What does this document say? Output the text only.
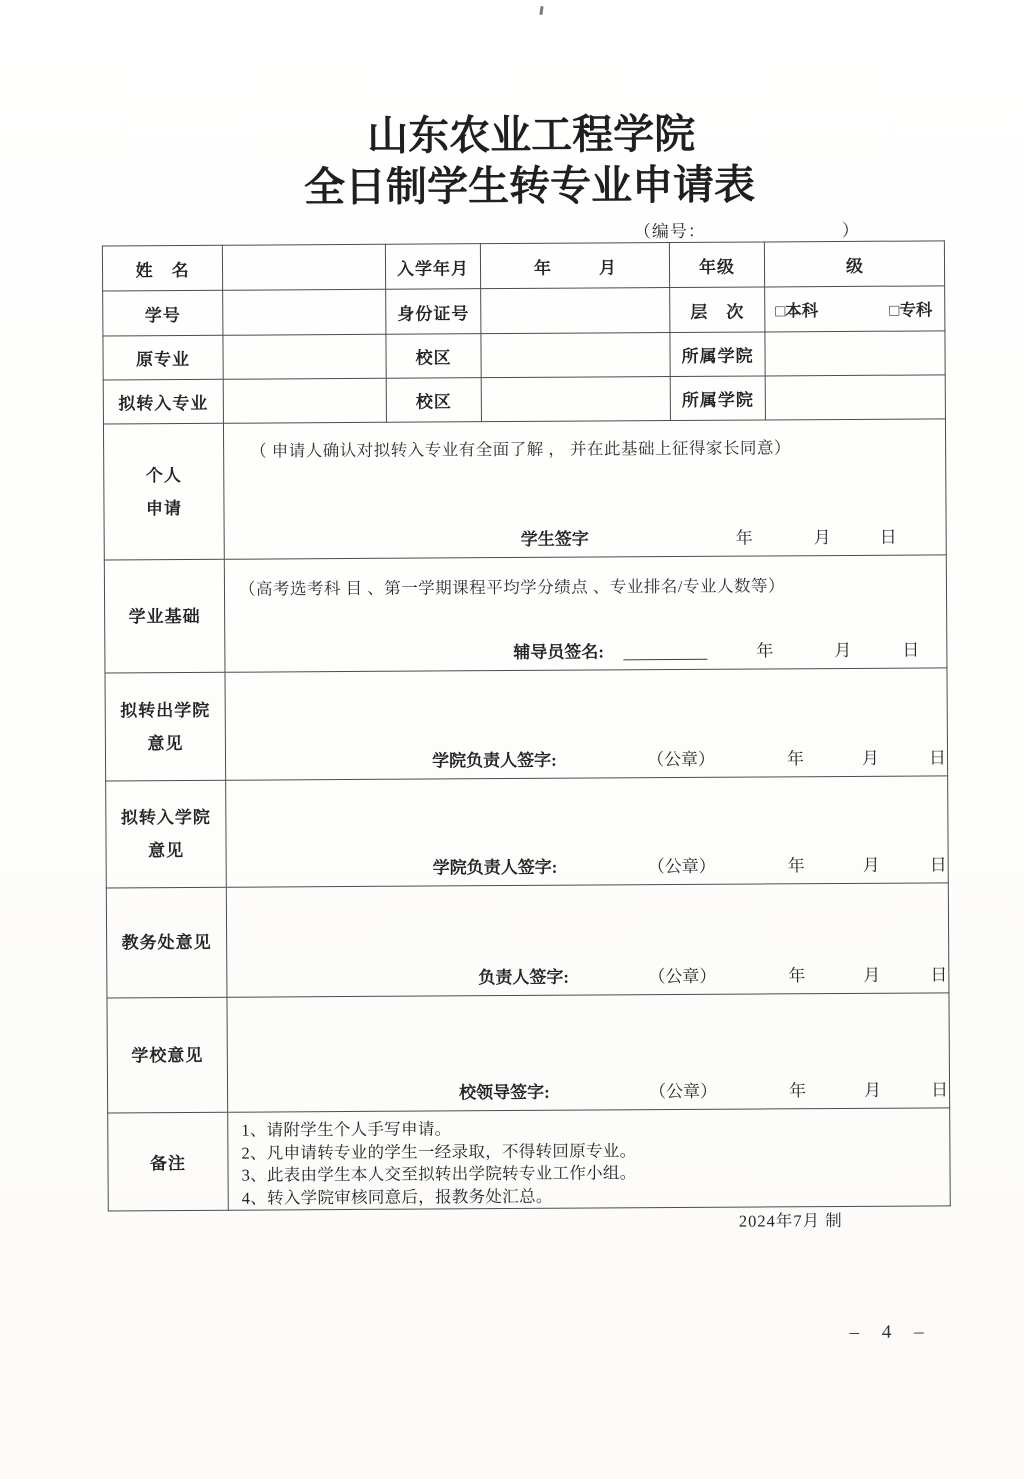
山东农业工程学院
全日制学生转专业申请表
（编号：	）
姓　名		入学年月	年 月	年级	级
学号		身份证号		层　次	□本科 □专科

原专业		校区		所属学院	
拟转入专业		校区		所属学院	

个人
申请

（ 申请人确认对拟转入专业有全面了解 ， 并在此基础上征得家长同意）
学生签字	年	月	日

学业基础	（高考选考科 目 、第一学期课程平均学分绩点 、专业排名/专业人数等）
辅导员签名: 年 月 日				

拟转出学院
意见

学院负责人签字:	（公章）	年	月	日

拟转入学院
意见

学院负责人签字:	（公章）	年	月	日

教务处意见	负责人签字: （公章） 年 月 日				

学校意见	校领导签字: （公章） 年 月 日				

备注	1、请附学生个人手写申请。
2、凡申请转专业的学生一经录取，不得转回原专业。
3、此表由学生本人交至拟转出学院转专业工作小组。
4、转入学院审核同意后，报教务处汇总。				
2024年7月 制
– 4 –
